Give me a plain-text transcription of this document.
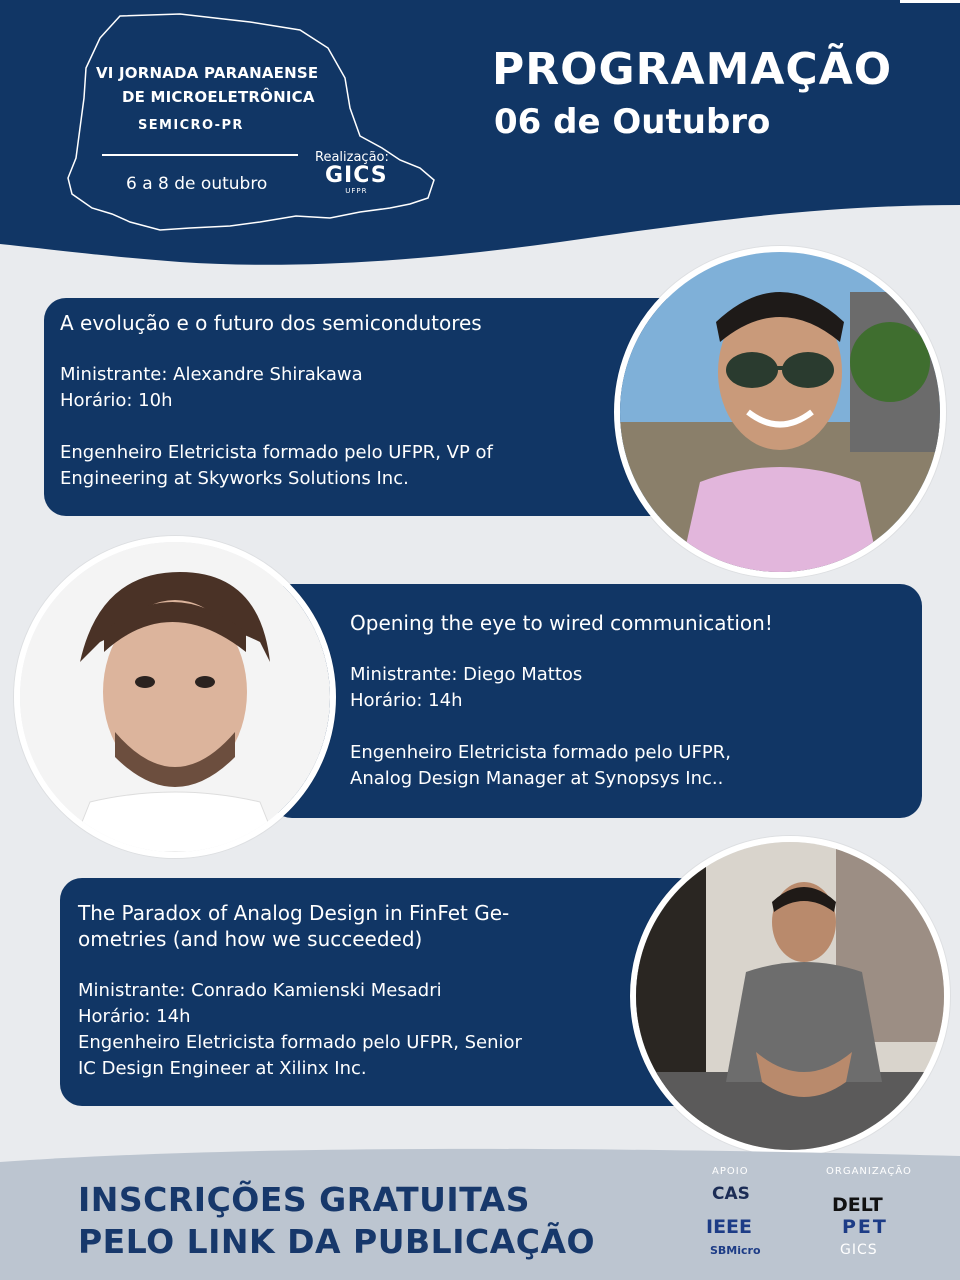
VI JORNADA PARANAENSE
DE MICROELETRÔNICA
SEMICRO-PR
6 a 8 de outubro
Realização:
GICS
UFPR
PROGRAMAÇÃO
06 de Outubro
A evolução e o futuro dos semicondutores
Ministrante: Alexandre Shirakawa
Horário: 10h
Engenheiro Eletricista formado pelo UFPR, VP of
Engineering at Skyworks Solutions Inc.
Opening the eye to wired communication!
Ministrante: Diego Mattos
Horário: 14h
Engenheiro Eletricista formado pelo UFPR,
Analog Design Manager at Synopsys Inc..
The Paradox of Analog Design in FinFet Ge-
ometries (and how we succeeded)
Ministrante: Conrado Kamienski Mesadri
Horário: 14h
Engenheiro Eletricista formado pelo UFPR, Senior
IC Design Engineer at Xilinx Inc.
INSCRIÇÕES GRATUITAS
PELO LINK DA PUBLICAÇÃO
APOIO	ORGANIZAÇÃO
CAS
IEEE
SBMicro
DELT
PET
GICS
